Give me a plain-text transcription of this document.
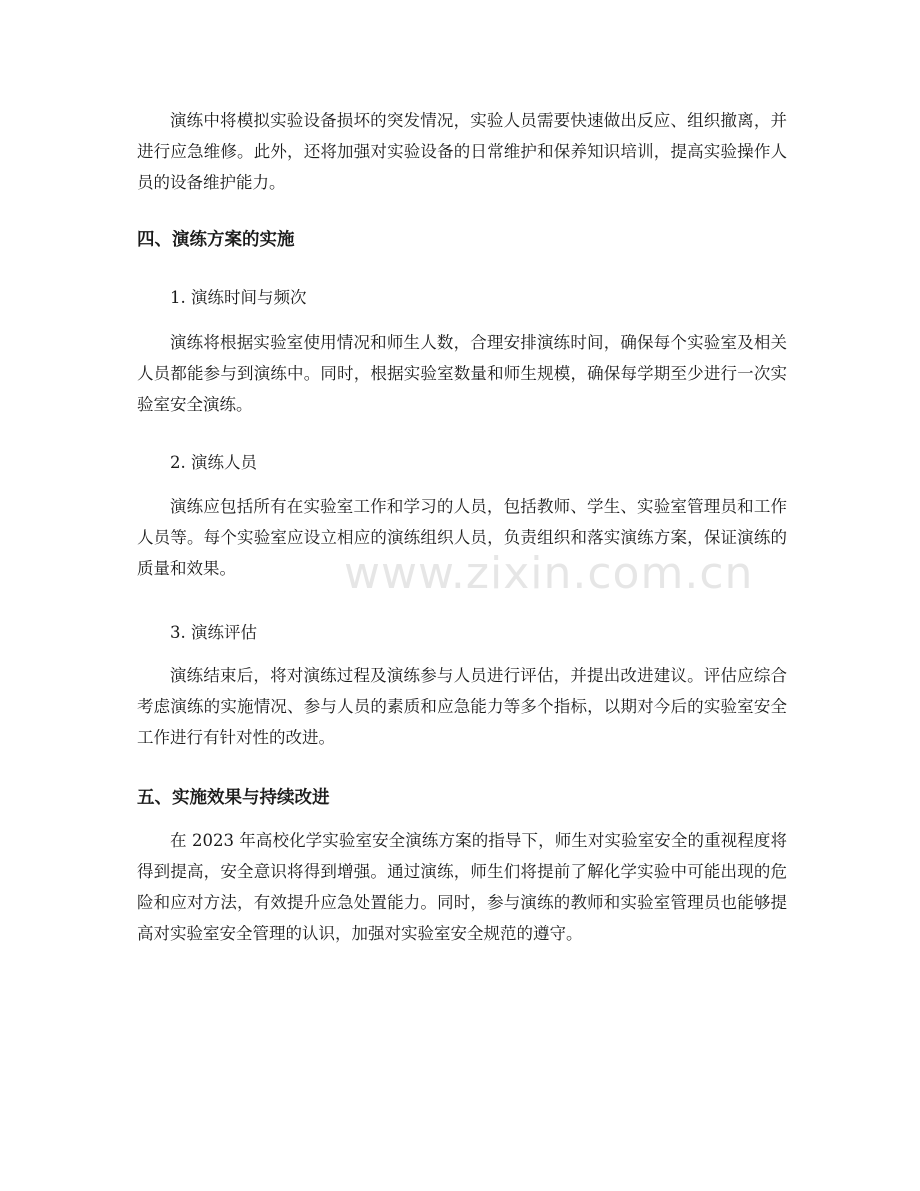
演练中将模拟实验设备损坏的突发情况，实验人员需要快速做出反应、组织撤离，并进行应急维修。此外，还将加强对实验设备的日常维护和保养知识培训，提高实验操作人员的设备维护能力。

四、演练方案的实施

1. 演练时间与频次

演练将根据实验室使用情况和师生人数，合理安排演练时间，确保每个实验室及相关人员都能参与到演练中。同时，根据实验室数量和师生规模，确保每学期至少进行一次实验室安全演练。

2. 演练人员

演练应包括所有在实验室工作和学习的人员，包括教师、学生、实验室管理员和工作人员等。每个实验室应设立相应的演练组织人员，负责组织和落实演练方案，保证演练的质量和效果。

3. 演练评估

演练结束后，将对演练过程及演练参与人员进行评估，并提出改进建议。评估应综合考虑演练的实施情况、参与人员的素质和应急能力等多个指标，以期对今后的实验室安全工作进行有针对性的改进。

五、实施效果与持续改进

在 2023 年高校化学实验室安全演练方案的指导下，师生对实验室安全的重视程度将得到提高，安全意识将得到增强。通过演练，师生们将提前了解化学实验中可能出现的危险和应对方法，有效提升应急处置能力。同时，参与演练的教师和实验室管理员也能够提高对实验室安全管理的认识，加强对实验室安全规范的遵守。

www.zixin.com.cn
